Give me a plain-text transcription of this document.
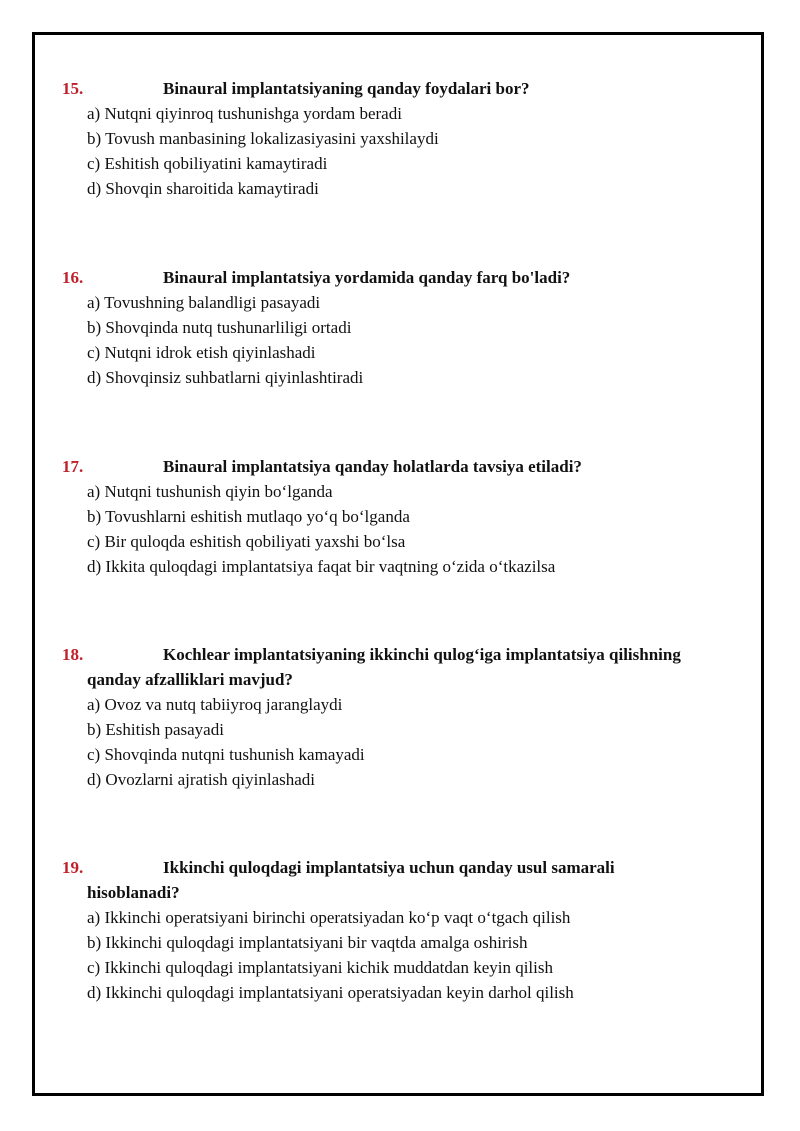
15.	Binaural implantatsiyaning qanday foydalari bor?
a) Nutqni qiyinroq tushunishga yordam beradi
b) Tovush manbasining lokalizasiyasini yaxshilaydi
c) Eshitish qobiliyatini kamaytiradi
d) Shovqin sharoitida kamaytiradi
16.	Binaural implantatsiya yordamida qanday farq bo'ladi?
a) Tovushning balandligi pasayadi
b) Shovqinda nutq tushunarliligi ortadi
c) Nutqni idrok etish qiyinlashadi
d) Shovqinsiz suhbatlarni qiyinlashtiradi
17.	Binaural implantatsiya qanday holatlarda tavsiya etiladi?
a) Nutqni tushunish qiyin bo‘lganda
b) Tovushlarni eshitish mutlaqo yo‘q bo‘lganda
c) Bir quloqda eshitish qobiliyati yaxshi bo‘lsa
d) Ikkita quloqdagi implantatsiya faqat bir vaqtning o‘zida o‘tkazilsa
18.	Kochlear implantatsiyaning ikkinchi qulog‘iga implantatsiya qilishning
qanday afzalliklari mavjud?
a) Ovoz va nutq tabiiyroq jaranglaydi
b) Eshitish pasayadi
c) Shovqinda nutqni tushunish kamayadi
d) Ovozlarni ajratish qiyinlashadi
19.	Ikkinchi quloqdagi implantatsiya uchun qanday usul samarali
hisoblanadi?
a) Ikkinchi operatsiyani birinchi operatsiyadan ko‘p vaqt o‘tgach qilish
b) Ikkinchi quloqdagi implantatsiyani bir vaqtda amalga oshirish
c) Ikkinchi quloqdagi implantatsiyani kichik muddatdan keyin qilish
d) Ikkinchi quloqdagi implantatsiyani operatsiyadan keyin darhol qilish
